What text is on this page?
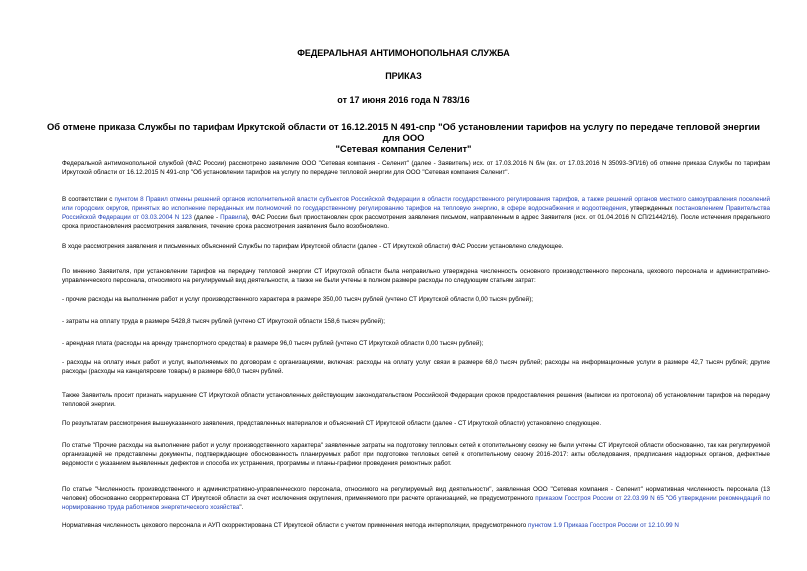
ФЕДЕРАЛЬНАЯ АНТИМОНОПОЛЬНАЯ СЛУЖБА
ПРИКАЗ
от 17 июня 2016 года N 783/16
Об отмене приказа Службы по тарифам Иркутской области от 16.12.2015 N 491-спр "Об установлении тарифов на услугу по передаче тепловой энергии для ООО
"Сетевая компания Селенит"
Федеральной антимонопольной службой (ФАС России) рассмотрено заявление ООО "Сетевая компания - Селенит" (далее - Заявитель) исх. от 17.03.2016 N б/н (вх. от 17.03.2016 N 35093-ЭП/16) об отмене приказа Службы по тарифам Иркутской области от 16.12.2015 N 491-спр "Об установлении тарифов на услугу по передаче тепловой энергии для ООО "Сетевая компания Селенит".
В соответствии с пунктом 8 Правил отмены решений органов исполнительной власти субъектов Российской Федерации в области государственного регулирования тарифов, а также решений органов местного самоуправления поселений или городских округов, принятых во исполнение переданных им полномочий по государственному регулированию тарифов на тепловую энергию, в сфере водоснабжения и водоотведения, утвержденных постановлением Правительства Российской Федерации от 03.03.2004 N 123 (далее - Правила), ФАС России был приостановлен срок рассмотрения заявления письмом, направленным в адрес Заявителя (исх. от 01.04.2016 N СП/21442/16). После истечения предельного срока приостановления рассмотрения заявления, течение срока рассмотрения заявления было возобновлено.
В ходе рассмотрения заявления и письменных объяснений Службы по тарифам Иркутской области (далее - СТ Иркутской области) ФАС России установлено следующее.
По мнению Заявителя, при установлении тарифов на передачу тепловой энергии СТ Иркутской области была неправильно утверждена численность основного производственного персонала, цехового персонала и административно-управленческого персонала, относимого на регулируемый вид деятельности, а также не были учтены в полном размере расходы по следующим статьям затрат:
- прочие расходы на выполнение работ и услуг производственного характера в размере 350,00 тысяч рублей (учтено СТ Иркутской области 0,00 тысяч рублей);
- затраты на оплату труда в размере 5428,8 тысяч рублей (учтено СТ Иркутской области 158,6 тысяч рублей);
- арендная плата (расходы на аренду транспортного средства) в размере 96,0 тысяч рублей (учтено СТ Иркутской области 0,00 тысяч рублей);
- расходы на оплату иных работ и услуг, выполняемых по договорам с организациями, включая: расходы на оплату услуг связи в размере 68,0 тысяч рублей; расходы на информационные услуги в размере 42,7 тысяч рублей; другие расходы (расходы на канцелярские товары) в размере 680,0 тысяч рублей.
Также Заявитель просит признать нарушение СТ Иркутской области установленных действующим законодательством Российской Федерации сроков предоставления решения (выписки из протокола) об установлении тарифов на передачу тепловой энергии.
По результатам рассмотрения вышеуказанного заявления, представленных материалов и объяснений СТ Иркутской области (далее - СТ Иркутской области) установлено следующее.
По статье "Прочие расходы на выполнение работ и услуг производственного характера" заявленные затраты на подготовку тепловых сетей к отопительному сезону не были учтены СТ Иркутской области обоснованно, так как регулируемой организацией не представлены документы, подтверждающие обоснованность планируемых работ при подготовке тепловых сетей к отопительному сезону 2016-2017: акты обследования, предписания надзорных органов, дефектные ведомости с указанием выявленных дефектов и способа их устранения, программы и планы-графики проведения ремонтных работ.
По статье "Численность производственного и административно-управленческого персонала, относимого на регулируемый вид деятельности", заявленная ООО "Сетевая компания - Селенит" нормативная численность персонала (13 человек) обоснованно скорректирована СТ Иркутской области за счет исключения округления, применяемого при расчете организацией, не предусмотренного приказом Госстроя России от 22.03.99 N 65 "Об утверждении рекомендаций по нормированию труда работников энергетического хозяйства".
Нормативная численность цехового персонала и АУП скорректирована СТ Иркутской области с учетом применения метода интерполяции, предусмотренного пунктом 1.9 Приказа Госстроя России от 12.10.99 N
